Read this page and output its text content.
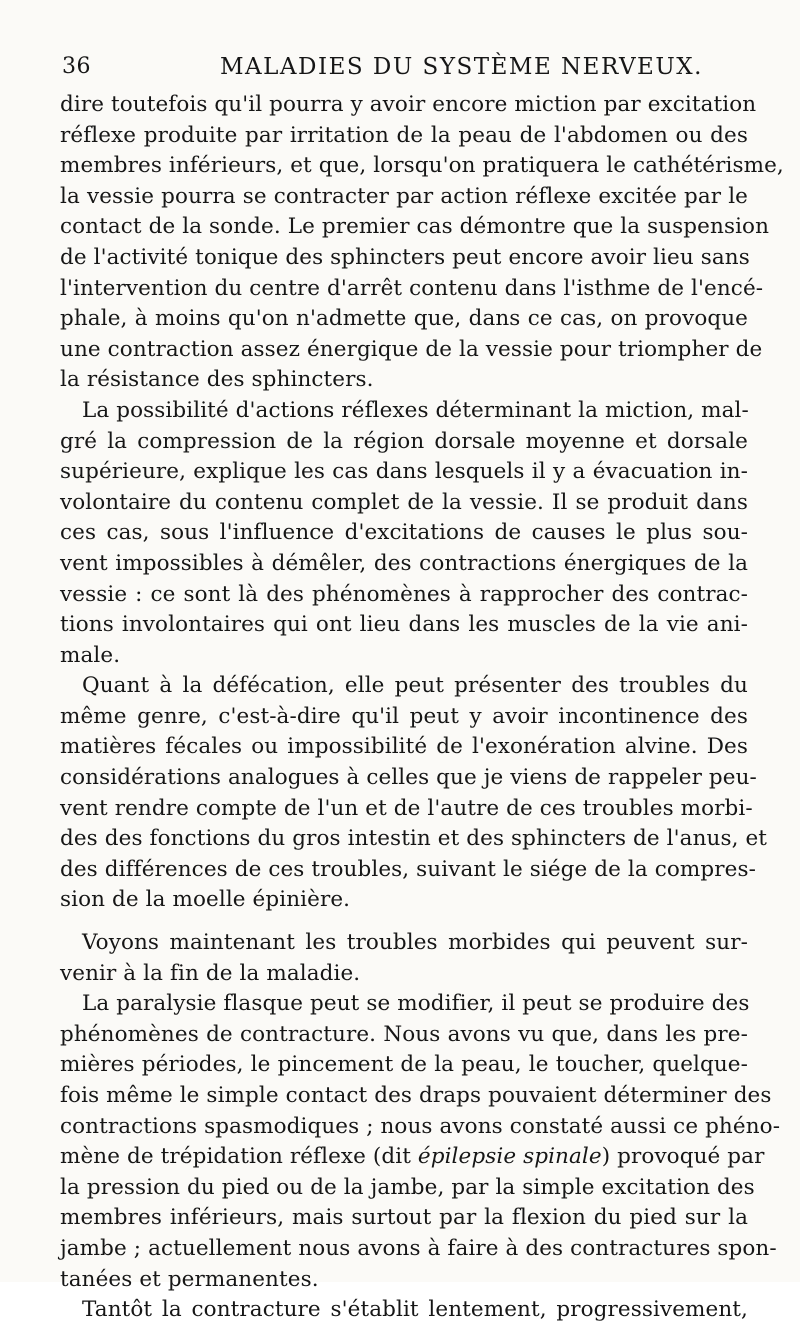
36	MALADIES DU SYSTÈME NERVEUX.
dire toutefois qu'il pourra y avoir encore miction par excitation
réflexe produite par irritation de la peau de l'abdomen ou des
membres inférieurs, et que, lorsqu'on pratiquera le cathétérisme,
la vessie pourra se contracter par action réflexe excitée par le
contact de la sonde. Le premier cas démontre que la suspension
de l'activité tonique des sphincters peut encore avoir lieu sans
l'intervention du centre d'arrêt contenu dans l'isthme de l'encé-
phale, à moins qu'on n'admette que, dans ce cas, on provoque
une contraction assez énergique de la vessie pour triompher de
la résistance des sphincters.
La possibilité d'actions réflexes déterminant la miction, mal-
gré la compression de la région dorsale moyenne et dorsale
supérieure, explique les cas dans lesquels il y a évacuation in-
volontaire du contenu complet de la vessie. Il se produit dans
ces cas, sous l'influence d'excitations de causes le plus sou-
vent impossibles à démêler, des contractions énergiques de la
vessie : ce sont là des phénomènes à rapprocher des contrac-
tions involontaires qui ont lieu dans les muscles de la vie ani-
male.
Quant à la défécation, elle peut présenter des troubles du
même genre, c'est-à-dire qu'il peut y avoir incontinence des
matières fécales ou impossibilité de l'exonération alvine. Des
considérations analogues à celles que je viens de rappeler peu-
vent rendre compte de l'un et de l'autre de ces troubles morbi-
des des fonctions du gros intestin et des sphincters de l'anus, et
des différences de ces troubles, suivant le siége de la compres-
sion de la moelle épinière.
Voyons maintenant les troubles morbides qui peuvent sur-
venir à la fin de la maladie.
La paralysie flasque peut se modifier, il peut se produire des
phénomènes de contracture. Nous avons vu que, dans les pre-
mières périodes, le pincement de la peau, le toucher, quelque-
fois même le simple contact des draps pouvaient déterminer des
contractions spasmodiques ; nous avons constaté aussi ce phéno-
mène de trépidation réflexe (dit épilepsie spinale) provoqué par
la pression du pied ou de la jambe, par la simple excitation des
membres inférieurs, mais surtout par la flexion du pied sur la
jambe ; actuellement nous avons à faire à des contractures spon-
tanées et permanentes.
Tantôt la contracture s'établit lentement, progressivement,
